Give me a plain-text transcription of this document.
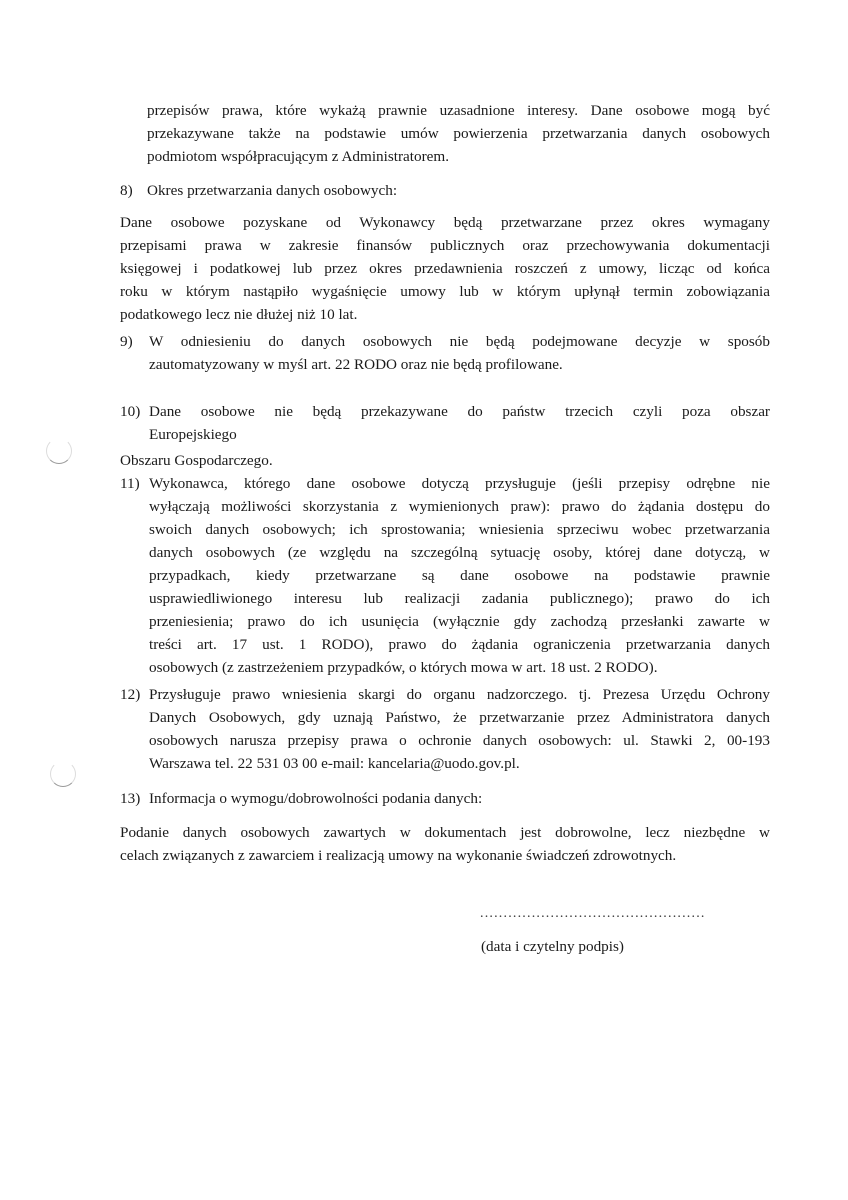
przepisów prawa, które wykażą prawnie uzasadnione interesy. Dane osobowe mogą być
przekazywane także na podstawie umów powierzenia przetwarzania danych osobowych
podmiotom współpracującym z Administratorem.
8) Okres przetwarzania danych osobowych:
Dane osobowe pozyskane od Wykonawcy będą przetwarzane przez okres wymagany
przepisami prawa w zakresie finansów publicznych oraz przechowywania dokumentacji
księgowej i podatkowej lub przez okres przedawnienia roszczeń z umowy, licząc od końca
roku w którym nastąpiło wygaśnięcie umowy lub w którym upłynął termin zobowiązania
podatkowego lecz nie dłużej niż 10 lat.
9) W odniesieniu do danych osobowych nie będą podejmowane decyzje w sposób
zautomatyzowany w myśl art. 22 RODO oraz nie będą profilowane.
10) Dane osobowe nie będą przekazywane do państw trzecich czyli poza obszar
Europejskiego
Obszaru Gospodarczego.
11) Wykonawca, którego dane osobowe dotyczą przysługuje (jeśli przepisy odrębne nie
wyłączają możliwości skorzystania z wymienionych praw): prawo do żądania dostępu do
swoich danych osobowych; ich sprostowania; wniesienia sprzeciwu wobec przetwarzania
danych osobowych (ze względu na szczególną sytuację osoby, której dane dotyczą, w
przypadkach, kiedy przetwarzane są dane osobowe na podstawie prawnie
usprawiedliwionego interesu lub realizacji zadania publicznego); prawo do ich
przeniesienia; prawo do ich usunięcia (wyłącznie gdy zachodzą przesłanki zawarte w
treści art. 17 ust. 1 RODO), prawo do żądania ograniczenia przetwarzania danych
osobowych (z zastrzeżeniem przypadków, o których mowa w art. 18 ust. 2 RODO).
12) Przysługuje prawo wniesienia skargi do organu nadzorczego. tj. Prezesa Urzędu Ochrony
Danych Osobowych, gdy uznają Państwo, że przetwarzanie przez Administratora danych
osobowych narusza przepisy prawa o ochronie danych osobowych: ul. Stawki 2, 00-193
Warszawa tel. 22 531 03 00 e-mail: kancelaria@uodo.gov.pl.
13) Informacja o wymogu/dobrowolności podania danych:
Podanie danych osobowych zawartych w dokumentach jest dobrowolne, lecz niezbędne w
celach związanych z zawarciem i realizacją umowy na wykonanie świadczeń zdrowotnych.
................................................
(data i czytelny podpis)
